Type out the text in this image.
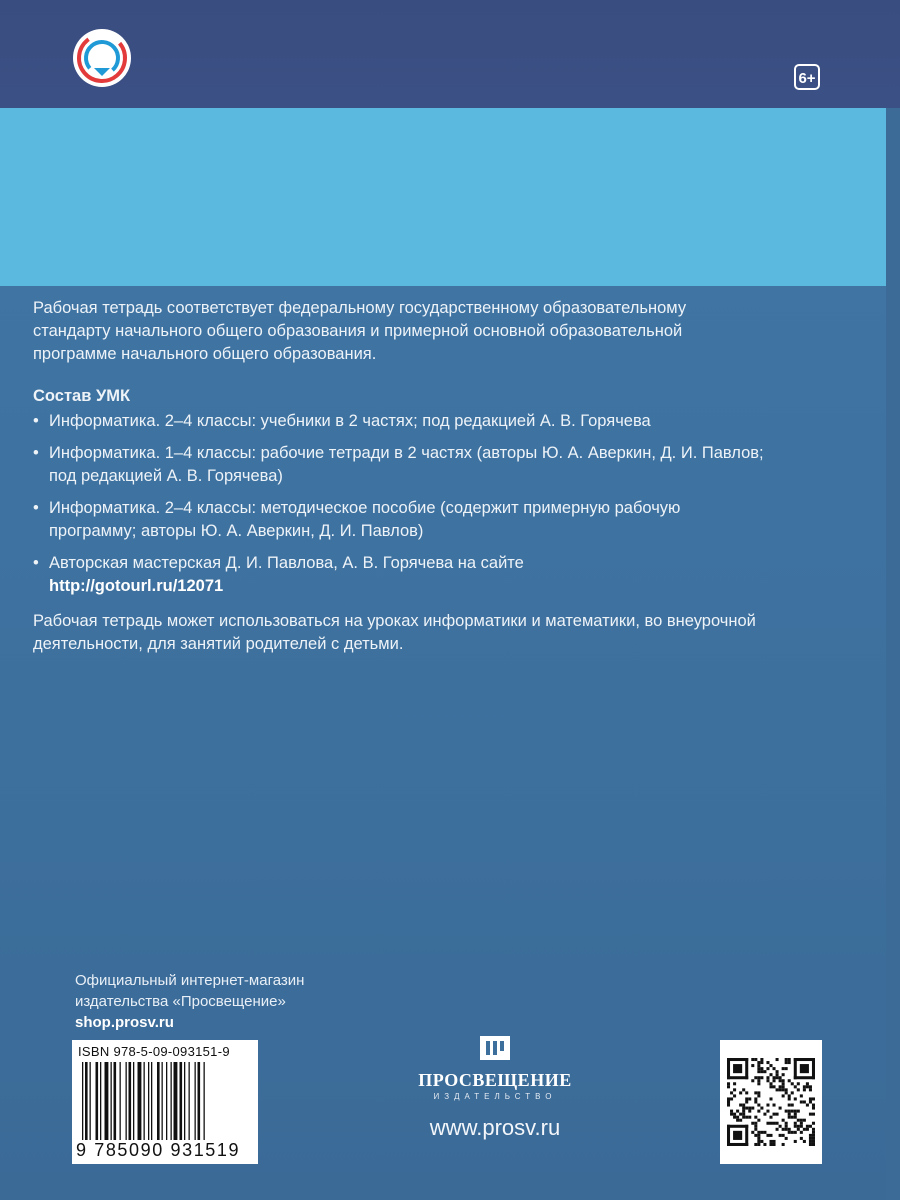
6+
Рабочая тетрадь соответствует федеральному государственному образовательному стандарту начального общего образования и примерной основной образовательной программе начального общего образования.
Состав УМК
• Информатика. 2–4 классы: учебники в 2 частях; под редакцией А. В. Горячева
• Информатика. 1–4 классы: рабочие тетради в 2 частях (авторы Ю. А. Аверкин, Д. И. Павлов; под редакцией А. В. Горячева)
• Информатика. 2–4 классы: методическое пособие (содержит примерную рабочую программу; авторы Ю. А. Аверкин, Д. И. Павлов)
• Авторская мастерская Д. И. Павлова, А. В. Горячева на сайте
http://gotourl.ru/12071
Рабочая тетрадь может использоваться на уроках информатики и математики, во внеурочной деятельности, для занятий родителей с детьми.
Официальный интернет-магазин
издательства «Просвещение»
shop.prosv.ru
ISBN 978-5-09-093151-9
9 785090 931519
ПРОСВЕЩЕНИЕ
ИЗДАТЕЛЬСТВО
www.prosv.ru
